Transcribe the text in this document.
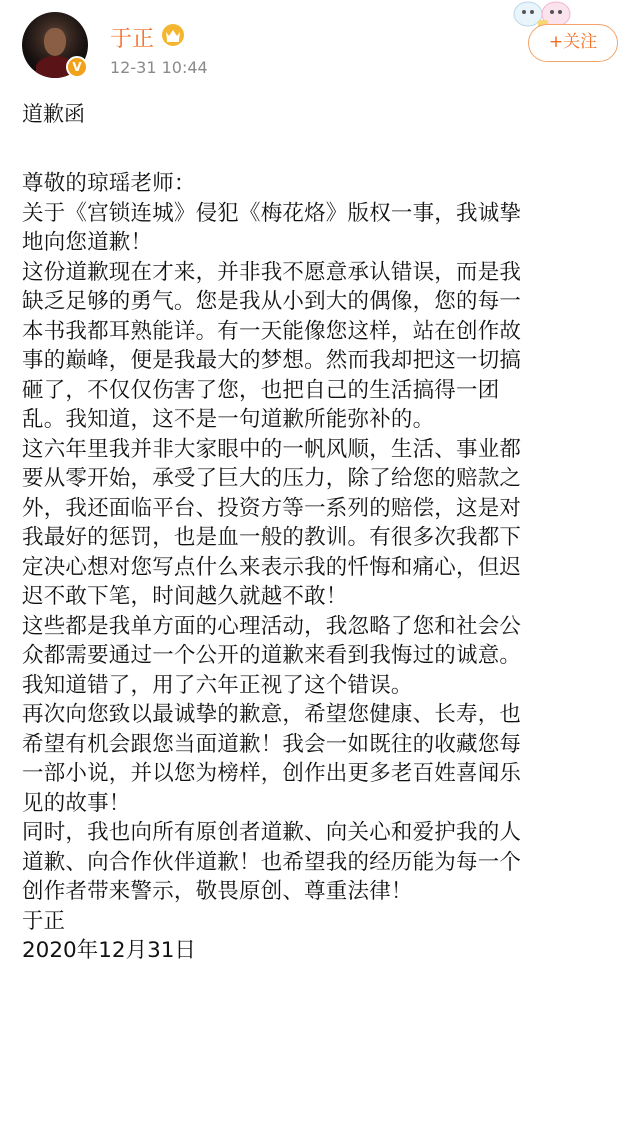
V
于正
12-31 10:44
+关注
道歉函
尊敬的琼瑶老师：
关于《宫锁连城》侵犯《梅花烙》版权一事，我诚挚
地向您道歉！
这份道歉现在才来，并非我不愿意承认错误，而是我
缺乏足够的勇气。您是我从小到大的偶像，您的每一
本书我都耳熟能详。有一天能像您这样，站在创作故
事的巅峰，便是我最大的梦想。然而我却把这一切搞
砸了，不仅仅伤害了您，也把自己的生活搞得一团
乱。我知道，这不是一句道歉所能弥补的。
这六年里我并非大家眼中的一帆风顺，生活、事业都
要从零开始，承受了巨大的压力，除了给您的赔款之
外，我还面临平台、投资方等一系列的赔偿，这是对
我最好的惩罚，也是血一般的教训。有很多次我都下
定决心想对您写点什么来表示我的忏悔和痛心，但迟
迟不敢下笔，时间越久就越不敢！
这些都是我单方面的心理活动，我忽略了您和社会公
众都需要通过一个公开的道歉来看到我悔过的诚意。
我知道错了，用了六年正视了这个错误。
再次向您致以最诚挚的歉意，希望您健康、长寿，也
希望有机会跟您当面道歉！我会一如既往的收藏您每
一部小说，并以您为榜样，创作出更多老百姓喜闻乐
见的故事！
同时，我也向所有原创者道歉、向关心和爱护我的人
道歉、向合作伙伴道歉！也希望我的经历能为每一个
创作者带来警示，敬畏原创、尊重法律！
于正
2020年12月31日
